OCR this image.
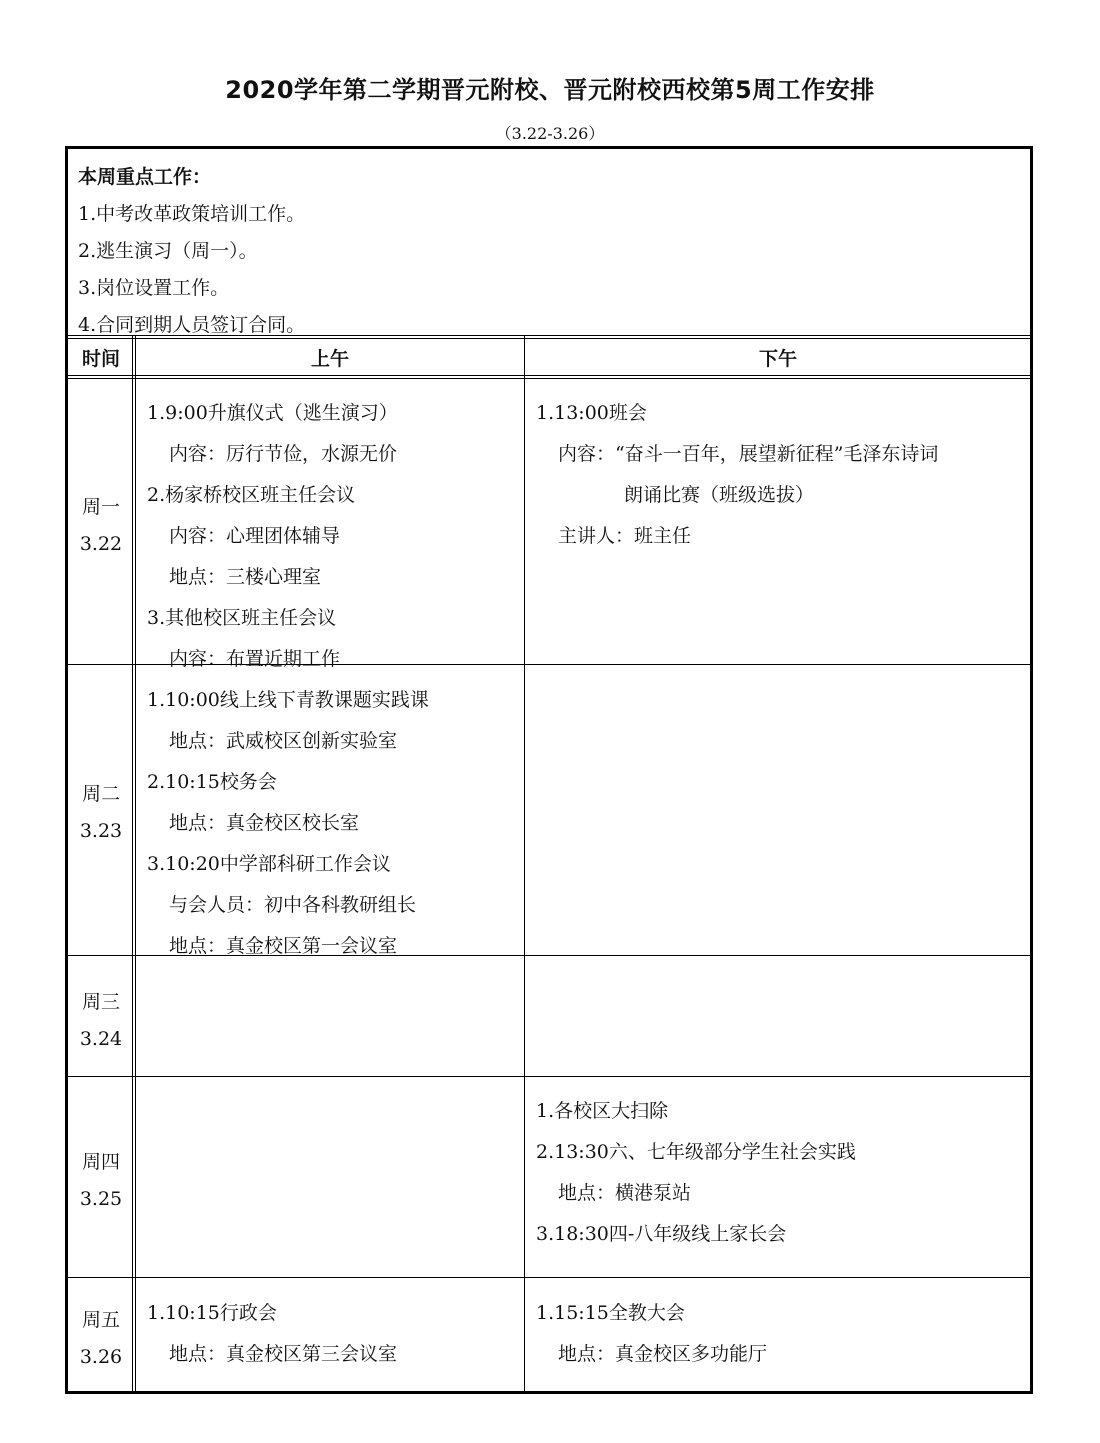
2020学年第二学期晋元附校、晋元附校西校第5周工作安排
（3.22-3.26）
本周重点工作：
1.中考改革政策培训工作。
2.逃生演习（周一）。
3.岗位设置工作。
4.合同到期人员签订合同。
时间	上午	下午
周一
3.22
1.9:00升旗仪式（逃生演习）
内容：厉行节俭，水源无价
2.杨家桥校区班主任会议
内容：心理团体辅导
地点：三楼心理室
3.其他校区班主任会议
内容：布置近期工作
1.13:00班会
内容：“奋斗一百年，展望新征程”毛泽东诗词
朗诵比赛（班级选拔）
主讲人：班主任
周二
3.23
1.10:00线上线下青教课题实践课
地点：武威校区创新实验室
2.10:15校务会
地点：真金校区校长室
3.10:20中学部科研工作会议
与会人员：初中各科教研组长
地点：真金校区第一会议室
周三
3.24
周四
3.25
1.各校区大扫除
2.13:30六、七年级部分学生社会实践
地点：横港泵站
3.18:30四-八年级线上家长会
周五
3.26
1.10:15行政会
地点：真金校区第三会议室
1.15:15全教大会
地点：真金校区多功能厅
